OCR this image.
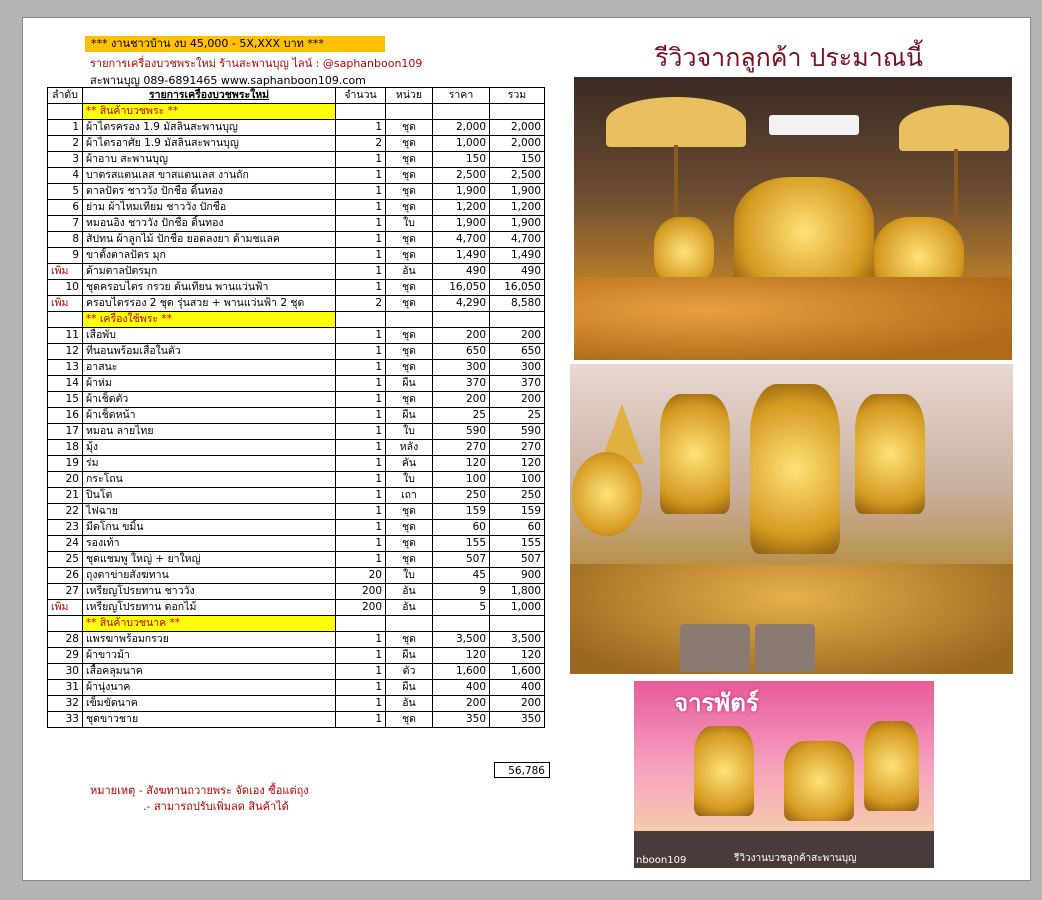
*** งานชาวบ้าน งบ 45,000 - 5X,XXX บาท ***
รายการเครื่องบวชพระใหม่ ร้านสะพานบุญ ไลน์ : @saphanboon109
สะพานบุญ 089-6891465 www.saphanboon109.com
ลำดับ	รายการเครื่องบวชพระใหม่	จำนวน	หน่วย	ราคา	รวม
	** สินค้าบวชพระ **				
1	ผ้าไตรครอง 1.9 มัสลินสะพานบุญ	1	ชุด	2,000	2,000
2	ผ้าไตรอาศัย 1.9 มัสลินสะพานบุญ	2	ชุด	1,000	2,000
3	ผ้าอาบ สะพานบุญ	1	ชุด	150	150
4	บาตรสแตนเลส ขาสแตนเลส งานถัก	1	ชุด	2,500	2,500
5	ตาลปัตร ชาววัง ปักชื่อ ดิ้นทอง	1	ชุด	1,900	1,900
6	ย่าม ผ้าไหมเทียม ชาววัง ปักชื่อ	1	ชุด	1,200	1,200
7	หมอนอิง ชาววัง ปักชื่อ ดิ้นทอง	1	ใบ	1,900	1,900
8	สัปทน ผ้าลูกไม้ ปักชื่อ ยอดลงยา ด้ามชแลค	1	ชุด	4,700	4,700
9	ขาตั้งตาลปัตร มุก	1	ชุด	1,490	1,490
เพิ่ม	ด้ามตาลปัตรมุก	1	อัน	490	490
10	ชุดครอบไตร กรวย ต้นเทียน พานแว่นฟ้า	1	ชุด	16,050	16,050
เพิ่ม	ครอบไตรรอง 2 ชุด รุ่นสวย + พานแว่นฟ้า 2 ชุด	2	ชุด	4,290	8,580
	** เครื่องใช้พระ **				
11	เสื่อพับ	1	ชุด	200	200
12	ที่นอนพร้อมเสื่อในตัว	1	ชุด	650	650
13	อาสนะ	1	ชุด	300	300
14	ผ้าห่ม	1	ผืน	370	370
15	ผ้าเช็ดตัว	1	ชุด	200	200
16	ผ้าเช็ดหน้า	1	ผืน	25	25
17	หมอน ลายไทย	1	ใบ	590	590
18	มุ้ง	1	หลัง	270	270
19	ร่ม	1	คัน	120	120
20	กระโถน	1	ใบ	100	100
21	ปิ่นโต	1	เถา	250	250
22	ไฟฉาย	1	ชุด	159	159
23	มีดโกน ขมิ้น	1	ชุด	60	60
24	รองเท้า	1	ชุด	155	155
25	ชุดแชมพู ใหญ่ + ยาใหญ่	1	ชุด	507	507
26	ถุงตาข่ายสังฆทาน	20	ใบ	45	900
27	เหรียญโปรยทาน ชาววัง	200	อัน	9	1,800
เพิ่ม	เหรียญโปรยทาน ดอกไม้	200	อัน	5	1,000
	** สินค้าบวชนาค **				
28	แพรฆาพร้อมกรวย	1	ชุด	3,500	3,500
29	ผ้าขาวม้า	1	ผืน	120	120
30	เสื้อคลุมนาค	1	ตัว	1,600	1,600
31	ผ้านุ่งนาค	1	ผืน	400	400
32	เข็มขัดนาค	1	อัน	200	200
33	ชุดขาวชาย	1	ชุด	350	350
56,786
หมายเหตุ - สังฆทานถวายพระ จัดเอง ซื้อแต่ถุง
.- สามารถปรับเพิ่มลด สินค้าได้
รีวิวจากลูกค้า ประมาณนี้
จารพัตร์
nboon109	รีวิวงานบวชลูกค้าสะพานบุญ
